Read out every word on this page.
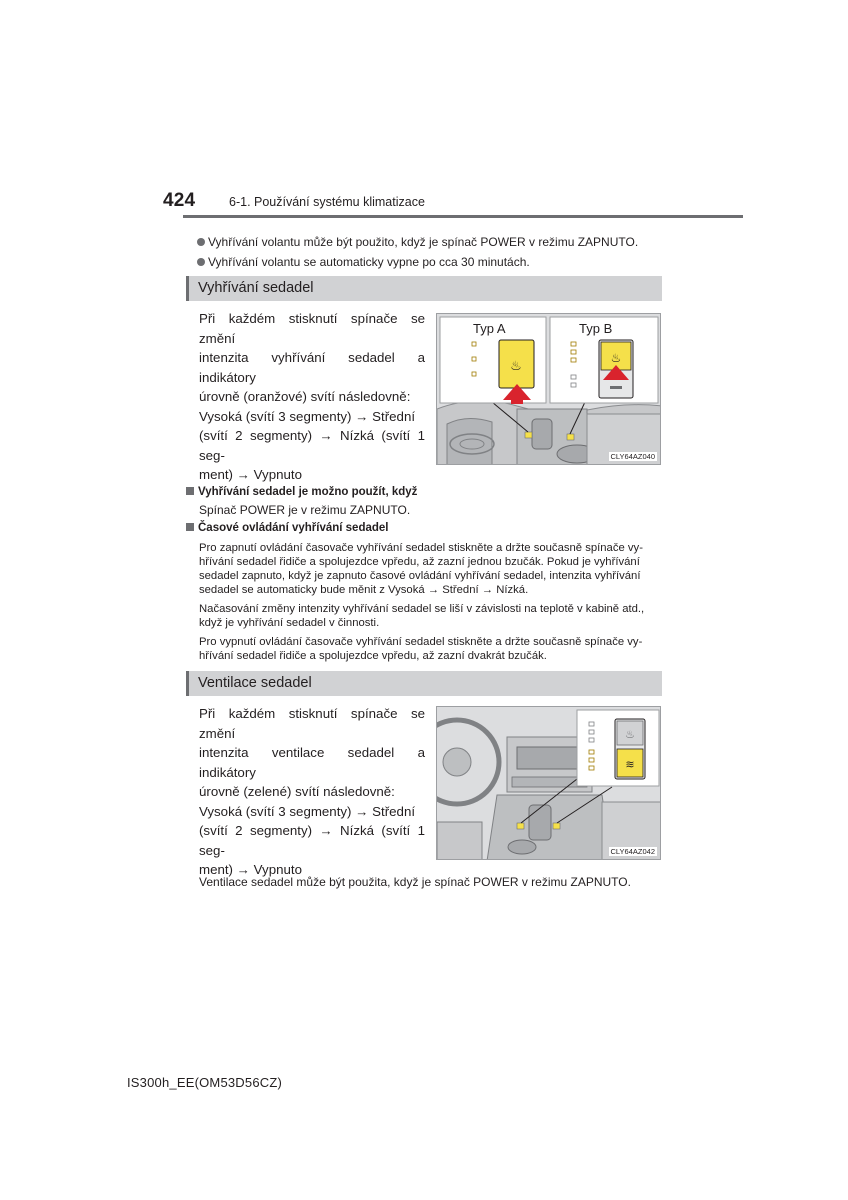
424	6-1. Používání systému klimatizace
Vyhřívání volantu může být použito, když je spínač POWER v režimu ZAPNUTO.
Vyhřívání volantu se automaticky vypne po cca 30 minutách.
Vyhřívání sedadel
Při každém stisknutí spínače se změní
intenzita vyhřívání sedadel a indikátory
úrovně (oranžové) svítí následovně:
Vysoká (svítí 3 segmenty) → Střední
(svítí 2 segmenty) → Nízká (svítí 1 seg-
ment) → Vypnuto
♨
♨
CLY64AZ040
Typ A	Typ B
Vyhřívání sedadel je možno použít, když
Spínač POWER je v režimu ZAPNUTO.
Časové ovládání vyhřívání sedadel
Pro zapnutí ovládání časovače vyhřívání sedadel stiskněte a držte současně spínače vy-
hřívání sedadel řidiče a spolujezdce vpředu, až zazní jednou bzučák. Pokud je vyhřívání
sedadel zapnuto, když je zapnuto časové ovládání vyhřívání sedadel, intenzita vyhřívání
sedadel se automaticky bude měnit z Vysoká → Střední → Nízká.
Načasování změny intenzity vyhřívání sedadel se liší v závislosti na teplotě v kabině atd.,
když je vyhřívání sedadel v činnosti.
Pro vypnutí ovládání časovače vyhřívání sedadel stiskněte a držte současně spínače vy-
hřívání sedadel řidiče a spolujezdce vpředu, až zazní dvakrát bzučák.
Ventilace sedadel
Při každém stisknutí spínače se změní
intenzita ventilace sedadel a indikátory
úrovně (zelené) svítí následovně:
Vysoká (svítí 3 segmenty) → Střední
(svítí 2 segmenty) → Nízká (svítí 1 seg-
ment) → Vypnuto
♨
≋
CLY64AZ042
Ventilace sedadel může být použita, když je spínač POWER v režimu ZAPNUTO.
IS300h_EE(OM53D56CZ)
